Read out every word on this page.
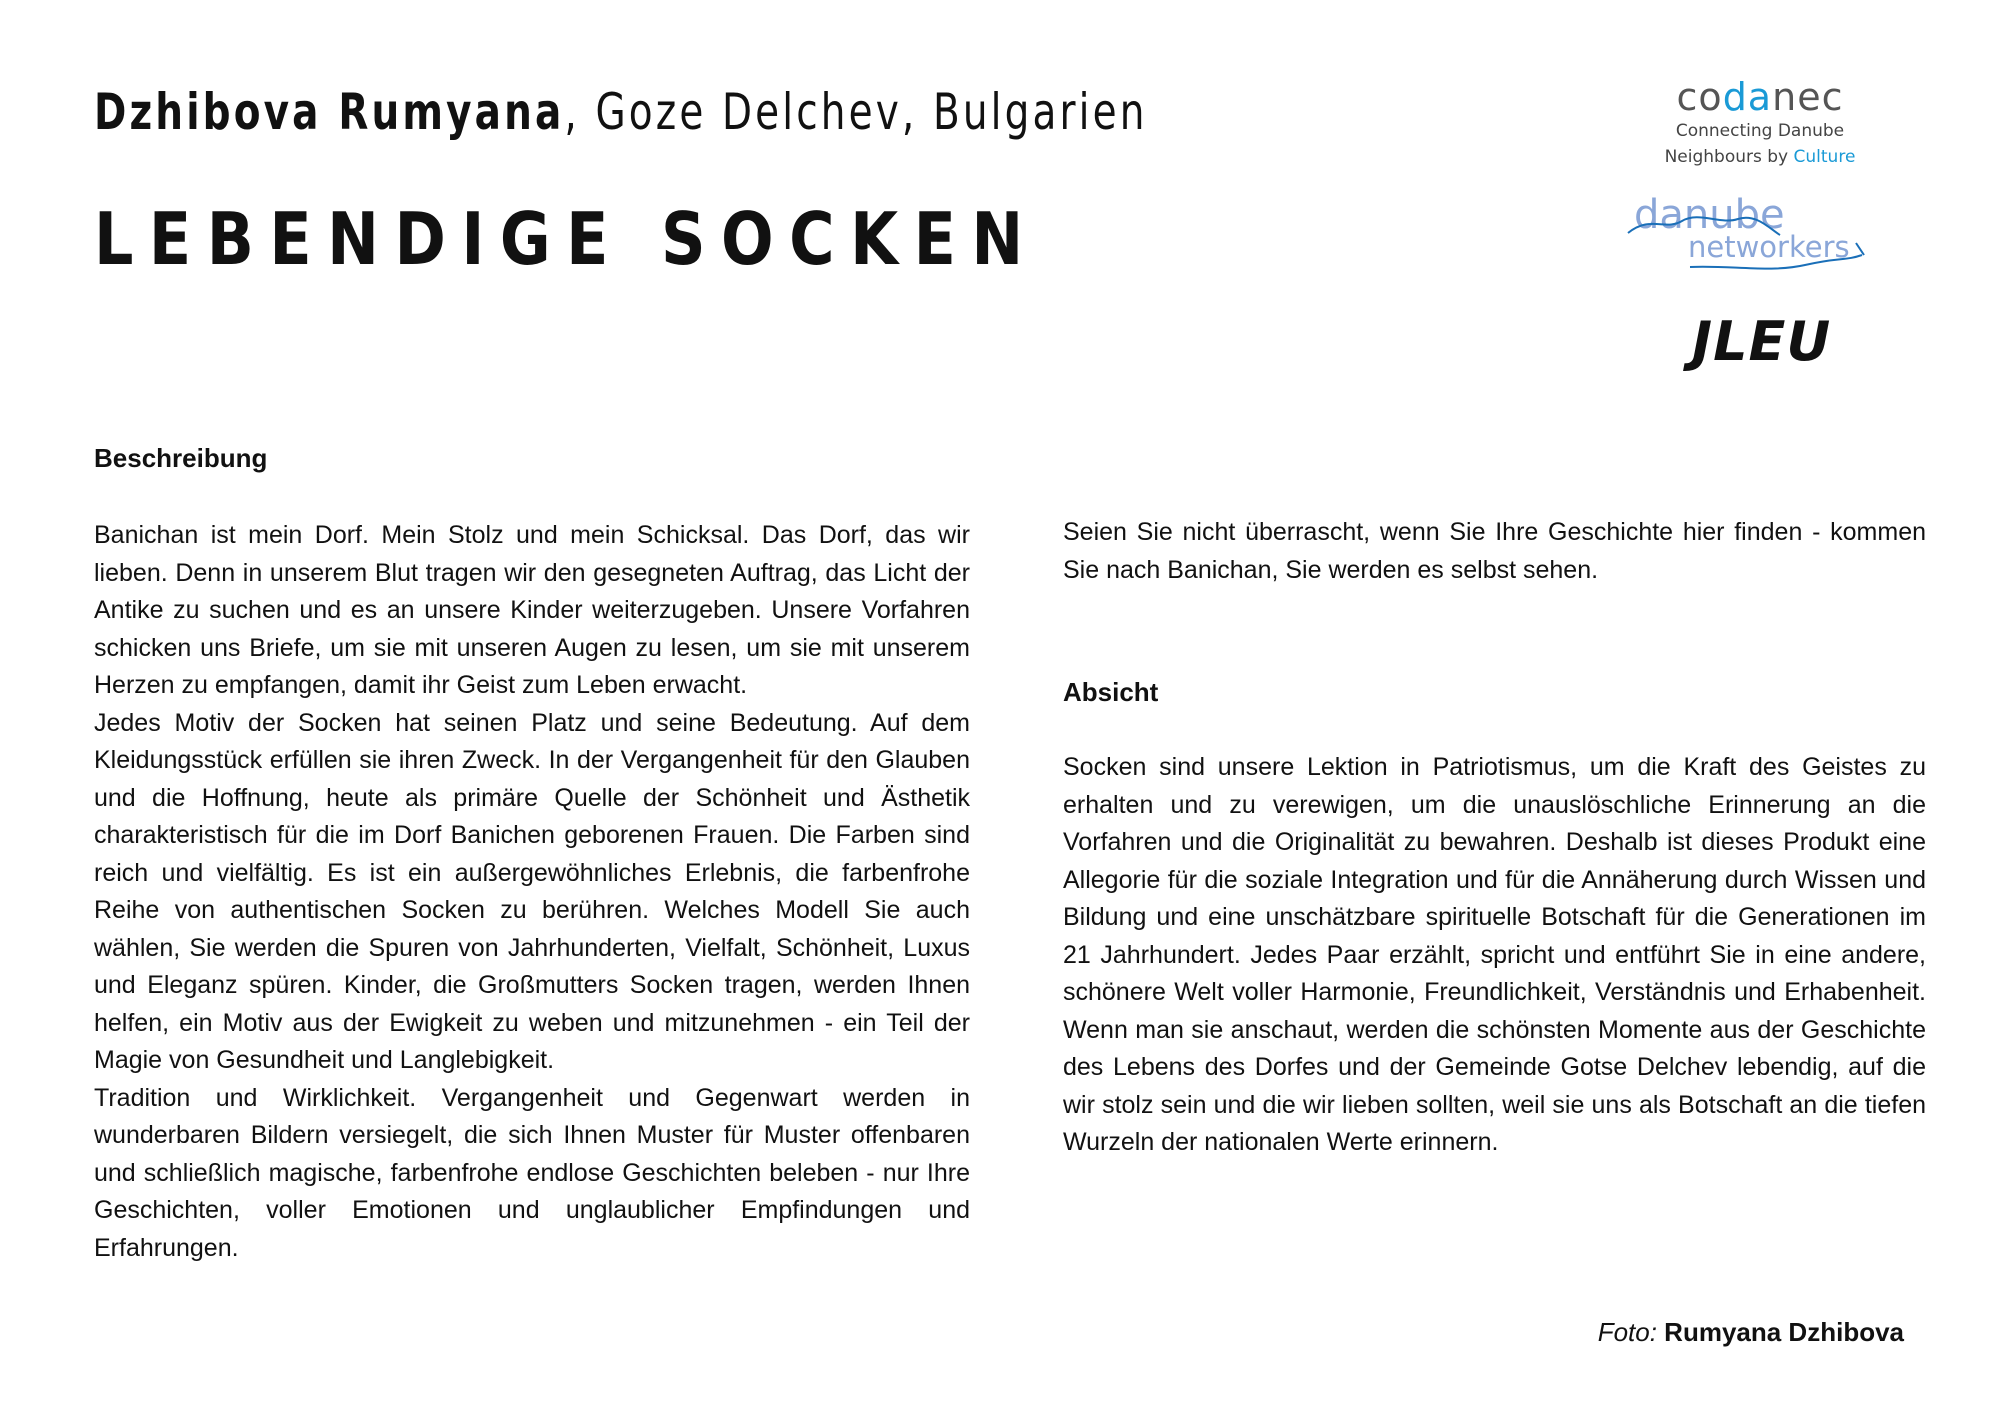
Dzhibova Rumyana, Goze Delchev, Bulgarien
LEBENDIGE SOCKEN
codanec
Connecting Danube
Neighbours by Culture
danube
networkers
JLEU
Beschreibung

Banichan ist mein Dorf. Mein Stolz und mein Schicksal. Das Dorf, das wir lieben. Denn in unserem Blut tragen wir den gesegneten Auftrag, das Licht der Antike zu suchen und es an unsere Kinder weiterzugeben. Unsere Vorfahren schicken uns Briefe, um sie mit unseren Augen zu lesen, um sie mit unserem Herzen zu empfangen, damit ihr Geist zum Leben erwacht.

Jedes Motiv der Socken hat seinen Platz und seine Bedeutung. Auf dem Kleidungsstück erfüllen sie ihren Zweck. In der Vergangenheit für den Glauben und die Hoffnung, heute als primäre Quelle der Schönheit und Ästhetik charakteristisch für die im Dorf Banichen geborenen Frauen. Die Farben sind reich und vielfältig. Es ist ein außergewöhnliches Erlebnis, die farbenfrohe Reihe von authentischen Socken zu berühren. Welches Modell Sie auch wählen, Sie werden die Spuren von Jahrhunderten, Vielfalt, Schönheit, Luxus und Eleganz spüren. Kinder, die Großmutters Socken tragen, werden Ihnen helfen, ein Motiv aus der Ewigkeit zu weben und mitzunehmen - ein Teil der Magie von Gesundheit und Langlebigkeit.

Tradition und Wirklichkeit. Vergangenheit und Gegenwart werden in wunderbaren Bildern versiegelt, die sich Ihnen Muster für Muster offenbaren und schließlich magische, farbenfrohe endlose Geschichten beleben - nur Ihre Geschichten, voller Emotionen und unglaublicher Empfindungen und Erfahrungen.

Seien Sie nicht überrascht, wenn Sie Ihre Geschichte hier finden - kommen Sie nach Banichan, Sie werden es selbst sehen.

Absicht

Socken sind unsere Lektion in Patriotismus, um die Kraft des Geistes zu erhalten und zu verewigen, um die unauslöschliche Erinnerung an die Vorfahren und die Originalität zu bewahren. Deshalb ist dieses Produkt eine Allegorie für die soziale Integration und für die Annäherung durch Wissen und Bildung und eine unschätzbare spirituelle Botschaft für die Generationen im 21 Jahrhundert. Jedes Paar erzählt, spricht und entführt Sie in eine andere, schönere Welt voller Harmonie, Freundlichkeit, Verständnis und Erhabenheit. Wenn man sie anschaut, werden die schönsten Momente aus der Geschichte des Lebens des Dorfes und der Gemeinde Gotse Delchev lebendig, auf die wir stolz sein und die wir lieben sollten, weil sie uns als Botschaft an die tiefen Wurzeln der nationalen Werte erinnern.

Foto: Rumyana Dzhibova
